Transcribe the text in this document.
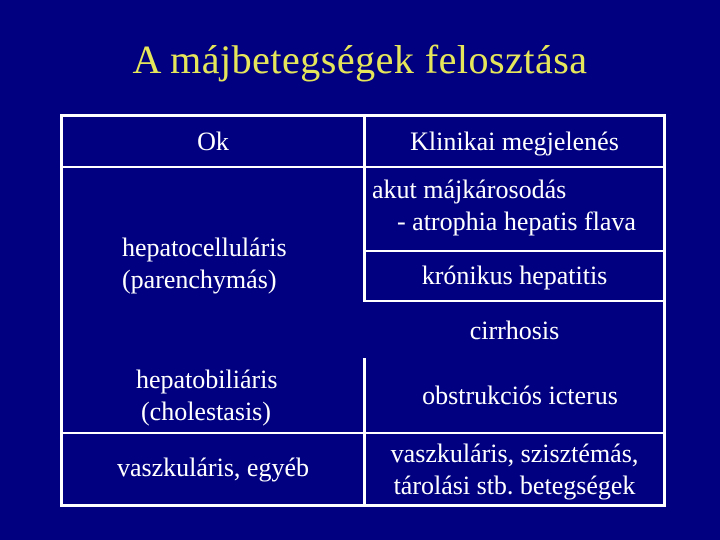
A májbetegségek felosztása
Ok	Klinikai megjelenés
hepatocelluláris
(parenchymás)
akut májkárosodás
- atrophia hepatis flava
krónikus hepatitis
cirrhosis
hepatobiliáris
(cholestasis)
obstrukciós icterus
vaszkuláris, egyéb	vaszkuláris, szisztémás,
tárolási stb. betegségek
